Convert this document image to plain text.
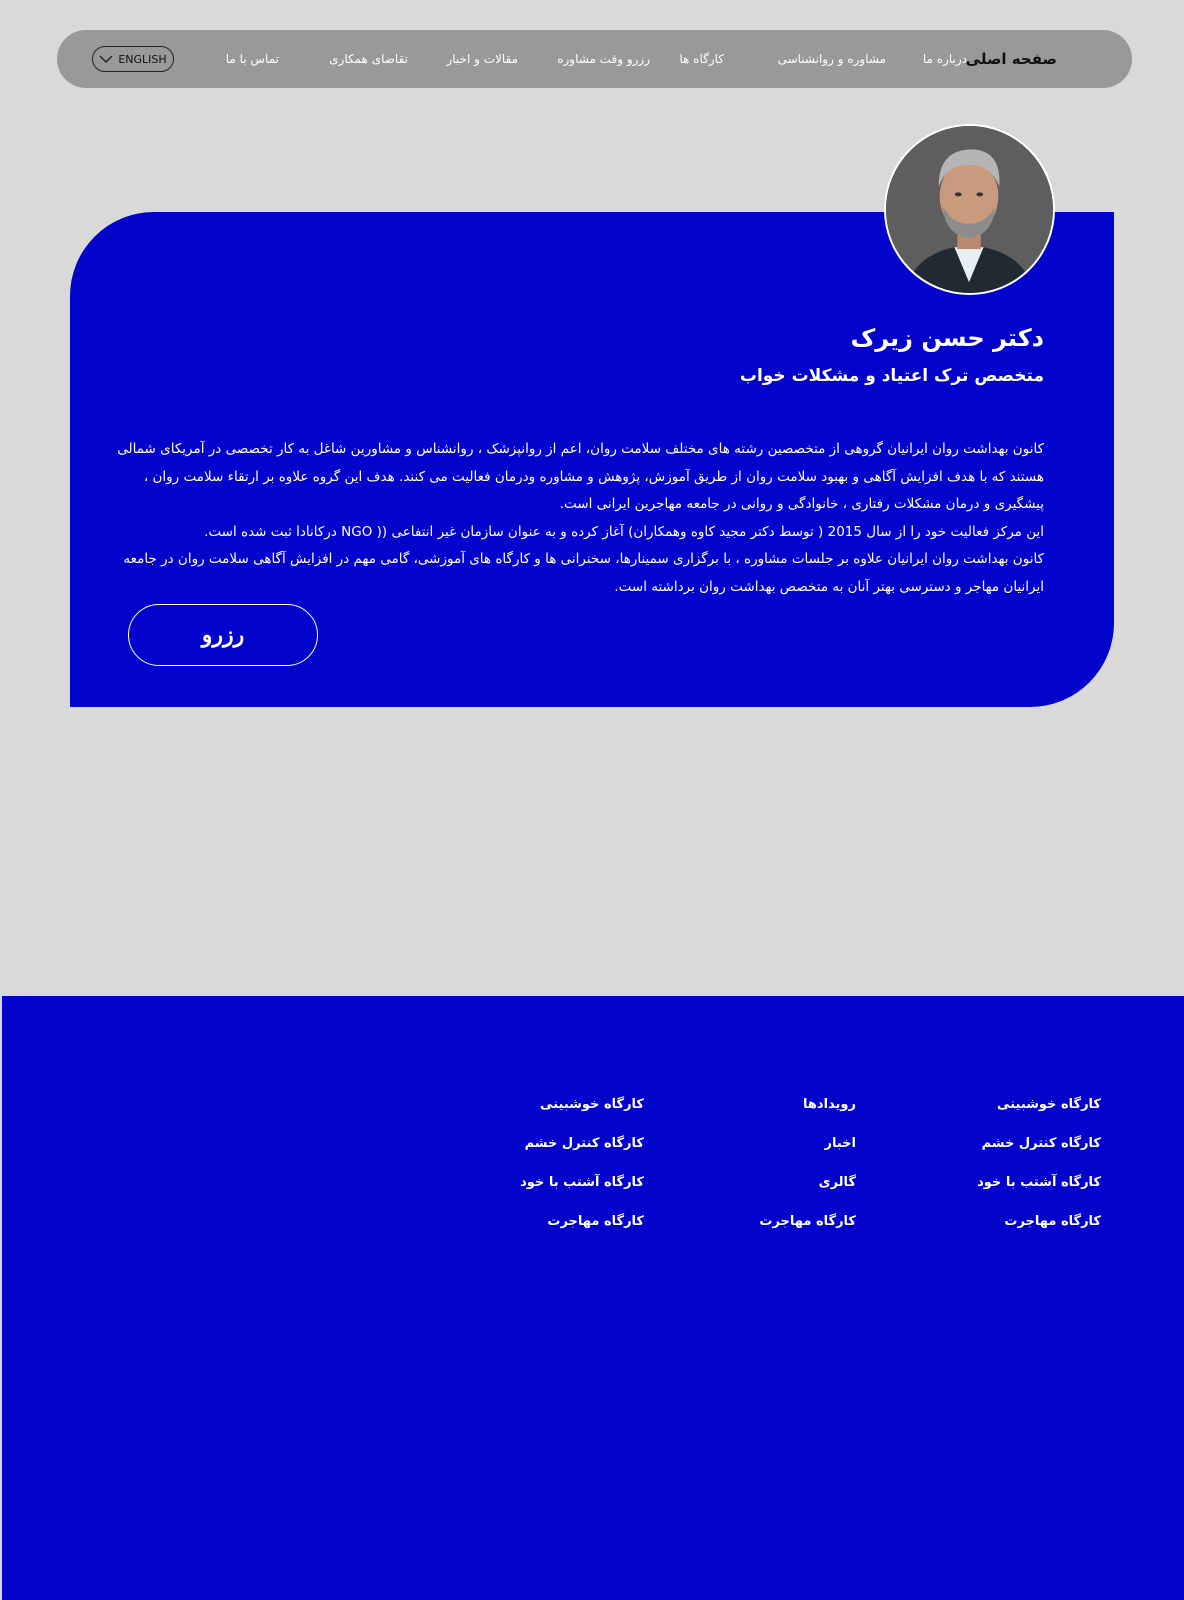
صفحه اصلی
درباره ما
مشاوره و روانشناسی
کارگاه ها
رزرو وقت مشاوره
مقالات و اخبار
تقاضای همکاری
تماس با ما
ENGLISH
دکتر حسن زیرک
متخصص ترک اعتیاد و مشکلات خواب

کانون بهداشت روان ایرانیان گروهی از متخصصین رشته های مختلف سلامت روان، اعم از روانپزشک ، روانشناس و مشاورین شاغل به کار تخصصی در آمریکای شمالی

هستند که با هدف افزایش آگاهی و بهبود سلامت روان از طریق آموزش، پژوهش و مشاوره ودرمان فعالیت می کنند. هدف این گروه علاوه بر ارتقاء سلامت روان ،

پیشگیری و درمان مشکلات رفتاری ، خانوادگی و روانی در جامعه مهاجرین ایرانی است.

این مرکز فعالیت خود را از سال 2015 ( توسط دکتر مجید کاوه وهمکاران) آغاز کرده و به عنوان سازمان غیر انتفاعی (( NGO درکانادا ثبت شده است.

کانون بهداشت روان ایرانیان علاوه بر جلسات مشاوره ، با برگزاری سمینارها، سخنرانی ها و کارگاه های آموزشی، گامی مهم در افزایش آگاهی سلامت روان در جامعه

ایرانیان مهاجر و دسترسی بهتر آنان به متخصص بهداشت روان برداشته است.

رزرو
کارگاه خوشبینی
کارگاه کنترل خشم
کارگاه آشتب با خود
کارگاه مهاجرت
رویدادها
اخبار
گالری
کارگاه مهاجرت
کارگاه خوشبینی
کارگاه کنترل خشم
کارگاه آشتب با خود
کارگاه مهاجرت
